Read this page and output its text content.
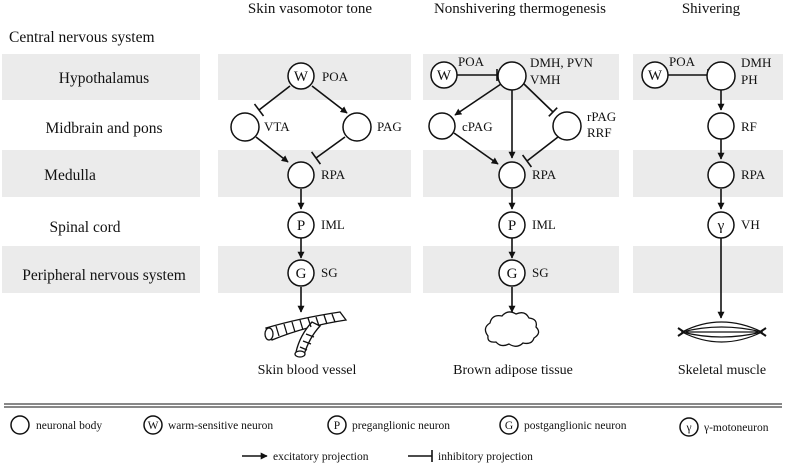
Skin vasomotor tone	Nonshivering thermogenesis	Shivering
Central nervous system
Hypothalamus
Midbrain and pons
Medulla
Spinal cord
Peripheral nervous system
W POA
VTA	PAG
RPA
P IML
G SG
Skin blood vessel
W
POA	DMH, PVN
VMH
cPAG
rPAG
RRF
RPA
P IML
G SG
Brown adipose tissue
W
POA	DMH
PH
RF
RPA
γ VH
Skeletal muscle
neuronal body	W warm-sensitive neuron	P preganglionic neuron	G postganglionic neuron	γ γ-motoneuron
excitatory projection	inhibitory projection
